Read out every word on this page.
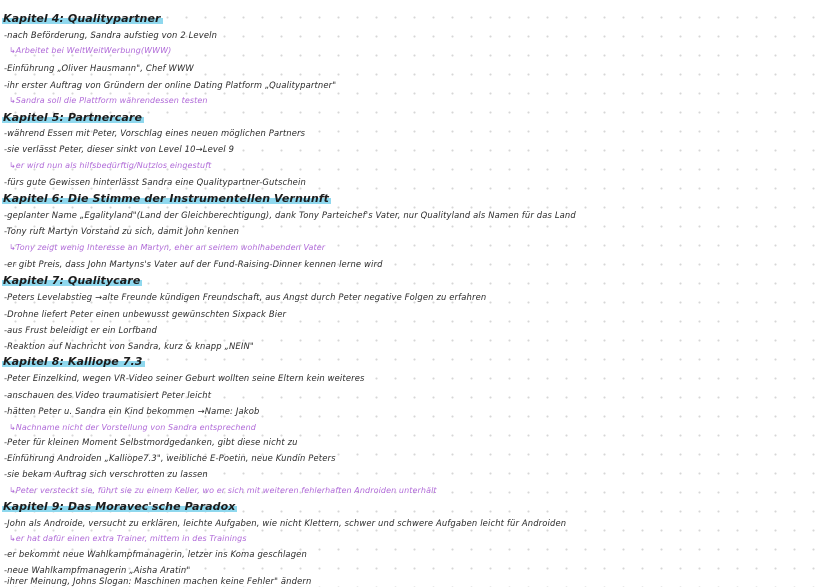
Kapitel 4: Qualitypartner
-nach Beförderung, Sandra aufstieg von 2 Leveln
↳Arbeitet bei WeltWeitWerbung(WWW)
-Einführung „Oliver Hausmann", Chef WWW
-ihr erster Auftrag von Gründern der online Dating Platform „Qualitypartner"
↳Sandra soll die Plattform währendessen testen
Kapitel 5: Partnercare
-während Essen mit Peter, Vorschlag eines neuen möglichen Partners
-sie verlässt Peter, dieser sinkt von Level 10→Level 9
↳er wird nun als hilfsbedürftig/Nutzlos eingestuft
-fürs gute Gewissen hinterlässt Sandra eine Qualitypartner-Gutschein
Kapitel 6: Die Stimme der Instrumentellen Vernunft
-geplanter Name „Egalityland"(Land der Gleichberechtigung), dank Tony Parteichef's Vater, nur Qualityland als Namen für das Land
-Tony ruft Martyn Vorstand zu sich, damit John kennen
↳Tony zeigt wenig Interesse an Martyn, eher an seinem wohlhabenden Vater
-er gibt Preis, dass John Martyns's Vater auf der Fund-Raising-Dinner kennen lerne wird
Kapitel 7: Qualitycare
-Peters Levelabstieg →alte Freunde kündigen Freundschaft, aus Angst durch Peter negative Folgen zu erfahren
-Drohne liefert Peter einen unbewusst gewünschten Sixpack Bier
-aus Frust beleidigt er ein Lorfband
-Reaktion auf Nachricht von Sandra, kurz & knapp „NEIN"
Kapitel 8: Kalliope 7.3
-Peter Einzelkind, wegen VR-Video seiner Geburt wollten seine Eltern kein weiteres
-anschauen des Video traumatisiert Peter leicht
-hätten Peter u. Sandra ein Kind bekommen →Name: Jakob
↳Nachname nicht der Vorstellung von Sandra entsprechend
-Peter für kleinen Moment Selbstmordgedanken, gibt diese nicht zu
-Einführung Androiden „Kalliope7.3", weibliche E-Poetin, neue Kundin Peters
-sie bekam Auftrag sich verschrotten zu lassen
↳Peter versteckt sie, führt sie zu einem Keller, wo er sich mit weiteren fehlerhaften Androiden unterhält
Kapitel 9: Das Moravec'sche Paradox
-John als Androide, versucht zu erklären, leichte Aufgaben, wie nicht Klettern, schwer und schwere Aufgaben leicht für Androiden
↳er hat dafür einen extra Trainer, mittem in des Trainings
-er bekommt neue Wahlkampfmanagerin, letzer ins Koma geschlagen
-neue Wahlkampfmanagerin „Aisha Aratin"
-ihrer Meinung, Johns Slogan: Maschinen machen keine Fehler" ändern
